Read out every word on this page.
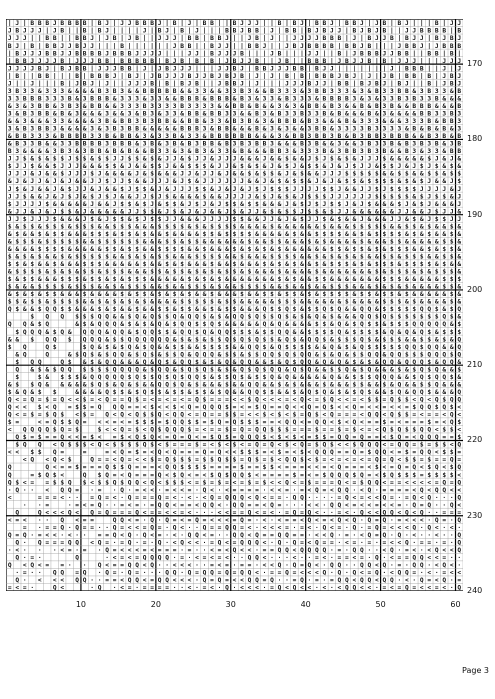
| J | B B B J B B B B | B J | J J B B B J | B | J | B B | | B J J J | | B | B J | B B J | B B J | J B | B J | | | B | J J
J B J J J | J B | | B | B J | | | | J | B J | B | J | | | B B J B B | J | B B | B J B J J | B J B J B | | J J B B B B | B
J J J | | B B | | B B J | J B | J B | | J J J | B B | B B J | | J B | J | | J J J J B B B | J | B J J B | B J J | B J B J
B J | B | B B J J B J J | | | B | | | | | | J B B | | B J J | | B B J | | J B J B B B B | B B J B | | | J B B J | J B B B
| B J J J B B J J B B B B J B B B J J J J | | | J J | B J J J B | | | J B | | | J J | | B | J B B B J J B B | | B B | B |
| B B J J J J B | J J J B B | B B B B B | B J B | B | B | J B J J B | | J B | | B B B | J B J J B | B | J J J | | | J J J
J J J J B J | B J B B | J J J B B | J | J B J J J | | | J J B J | B B J J J B B | B J J | | | | | | | J | B B B | | J | J
| B | | B B | | | B | B B B J | B J | J B J J J B J J B J B J B | J | J | B | B | B B B J B J | J | J B | B B | B | J B J
J | | J | | | B | J B J | J | | J J J B | B | B J B | | J B B J | J | | | J J J B J J | B B | B J B J | B J | | B | J B J
3 B 3 3 & 3 3 3 & & & & B 3 B 3 & & B B B B B & & 3 3 & & 3 3 B 3 & & B 3 3 3 & 3 B B 3 3 3 & 3 & B 3 3 B B & 3 B 3 3 & B
3 3 B B B 3 3 3 B & 3 B B B & 3 3 3 & 3 3 & & B B B & B B B & B 3 & 3 3 & B 3 3 3 & B B B B 3 & 3 & 3 3 B 3 B 3 3 B & & &
& 3 & 3 B B & 3 B 3 & B B & & 3 3 3 B 3 3 3 3 B 3 3 3 3 & & B B & B & & 3 & 3 & B B & B 3 & & B & B 3 B & & B B B & & & B
3 & B 3 B B & B & 3 & & & 3 & & 3 & B 3 & 3 3 & B B & B B 3 3 & & B 3 & B 3 3 B 3 3 B & B & & & B & 3 & & & & B B 3 3 B 3
& & 3 & & & 3 3 & & & & 3 B & B B 3 B 3 B B & & B B & 3 3 & B 3 B & 3 & B B B & B 3 & & & B & 3 3 3 & & & 3 3 3 B & B B 3
3 & B 3 B B 3 & & & & 3 & 3 B 3 B B & & & & & B B B 3 & B B & & & B & 3 & 3 & & 3 B B & 3 3 3 3 B 3 3 3 3 & B & B & B & 3
& B B 3 3 3 & B B B B 3 3 B & B B & 3 & 3 3 B & 3 3 & B B B B B B & & & 3 & B B 3 B B 3 B & B 3 B B 3 B B B & & B 3 B & B
& B 3 3 B & & 3 3 B B B B 3 B B B & 3 B & 3 B & B 3 B B & B 3 B 3 B B 3 & & & B 3 B & & 3 & & 3 B 3 3 B & B 3 B 3 B & 3 B
B 3 & & & & 3 B 3 & 3 B B & B & B & & B 3 3 & 3 & B 3 & 3 3 & B & & & B B 3 & 3 3 3 B & 3 B B 3 B 3 B & & B 3 & 3 3 & B B
J J $ & $ & $ $ J $ $ & $ $ J J $ $ & $ & J J & $ J J & J J J & & & J & & $ & & J $ J $ & $ & J J J $ & & & & & $ J & J &
$ J J $ & & $ J J J & & & $ $ & J & & $ $ J & & $ $ $ & J J & $ & $ & J & $ J & $ $ & J & J $ J J & $ $ J & J $ J $ & $ &
J J J & J & & $ J J J $ J & & & & J & $ & & & J J & J J & J & & $ & $ $ & J & $ & & J J J $ $ $ $ $ & & $ $ & & $ $ & $ $
& J & J J & J & J & & J J $ J J $ & & J J J & J $ & J J J J J J & & J & $ & $ $ & J & J & $ $ & $ $ $ $ & $ & $ J & & J $
J $ & J & & J & $ J J & J & & $ J $ $ & J & J J J $ $ & J & J & J $ J $ $ $ J J J J $ $ J & & J J $ J $ $ $ $ J J J J & J
J J $ & & J & J $ J & $ J $ J & & J J $ J $ & & & & $ & & J J J J & $ J & $ & J $ $ $ J J J J J J $ $ $ $ $ & $ J $ $ & J
$ J J J J $ & & & & & J & & J $ $ & $ J & $ $ & J $ J & J $ $ & $ $ & & & J & $ J $ J $ $ J & J $ & & & $ J & $ J & & & J
& J J & J & J $ $ & J & & & & & J J $ $ & J $ & J & J & & J $ & J J & $ & $ $ J $ $ & $ J J & & & & & & J J & & J $ J J &
J J $ J J J $ & & & J $ & J $ $ & $ J $ $ J J & & & J J J J $ $ & & J J & J & $ J J $ & $ & & J & & & J J & $ & J $ $ J J
$ & $ $ & $ $ $ & $ $ $ & & $ $ $ & & & $ $ $ $ & $ & $ $ $ $ & & & & $ & & & & & & $ & & & $ $ $ $ $ & & $ $ & $ & & $ &
& $ & & $ & $ $ & & & $ $ $ & $ $ & $ & & $ & & & & $ $ & $ $ $ $ & & & & & $ & & $ $ $ $ & & $ & $ $ $ $ & $ & $ & & $ &
& $ $ $ & $ $ $ $ $ & & $ $ $ $ $ $ & & & $ $ & $ $ & & & & & & $ & & $ $ & & & $ & $ & & & & $ & & & $ $ & & & & & $ $ &
& & & & $ $ $ $ & & & & & $ $ & $ $ & & $ $ $ $ & & $ & & & $ & $ & $ & $ & & & & & & $ $ & $ $ & $ & $ $ $ & & $ & $ $ &
$ & $ & $ & & $ & $ $ $ $ $ & & $ & $ & $ $ & & & $ $ $ $ & & $ & & & $ $ $ $ & & $ & $ & $ & $ & & $ $ & $ $ $ & & $ $ &
$ $ & $ & & $ & & & $ $ $ & & & & & $ & & $ & $ & & & $ & & $ & & & $ & $ & $ & & $ & $ $ $ & $ & $ $ $ & $ $ $ $ & $ & &
& $ $ $ $ & $ & $ & $ $ & $ $ $ & & & $ $ & $ $ & $ & $ & $ $ & $ & & & $ & & & & $ & & & & & & & $ & $ $ $ & $ & $ $ $ &
$ & $ $ & & & $ $ $ & $ $ & $ & $ $ $ & & & & & $ & $ & $ & & & & & & & $ & $ & & $ $ & & & & & & & $ $ $ & & & & & $ $ $
$ & & & $ $ $ $ & $ $ $ & & $ & $ $ $ & & $ & & $ $ $ & $ & & $ $ $ $ & & $ & & $ & & $ $ $ & & & $ & $ & $ & & & & $ $ &
& $ & $ & $ $ & & & $ & & & & $ & $ $ & $ & $ & $ & & $ & & & $ & & $ $ & $ $ & $ & $ $ $ $ & $ $ & $ $ & $ & & & & & $ &
$ $ & $ $ & $ $ $ $ & & $ & $ & $ & $ & & & & $ $ $ $ $ & $ $ & & & & & $ $ $ & & & & & & $ & & & & $ $ $ & $ & & & & $ &
Q $ & & $ Q Q $ $ & & & $ & $ & & $ & & $ $ & $ $ & & $ & $ $ & & & Q $ $ Q $ & $ $ Q $ Q & & Q Q & $ $ $ $ $ Q Q $ & $ Q
$ Q Q $ $ $ Q Q & & $ Q & Q $ $ Q & Q Q $ & $ & Q Q $ Q $ $ Q $ & $ & Q & $ & & & Q Q $ Q $ $ $ $ $ $ $ Q $ &
Q Q & $ Q	& $ & Q Q Q & $ & $ & Q & $ Q Q $ $ Q $ & & & & & Q & Q & & & & $ $ & Q & $ Q $ $ & $ $ $ Q Q Q Q Q & $
$ Q Q Q & $ Q & Q Q Q & Q Q & $ Q Q $ $ & Q Q $ Q & Q Q $ $ $ & $ $ Q Q & & $ $ $ $ Q & $ $ $ $ & Q & Q & Q $ & $ $ $
& & $ Q Q $ Q Q Q & $ $ Q Q Q Q Q Q & $ & $ & $ $ Q $ Q $ Q $ $ & Q $ & Q Q $ & $ $ $ Q $ & $ $ $ & & $ $ & $ & Q
$ Q	Q $	$ Q & $ & $ Q & $ Q & & $ $ & & $ $ $ $ & & Q Q $ & Q $ $ $ $ & & Q & $ & Q $ $ $ $ $ Q Q $ Q Q & & Q
& Q	Q	& $ Q $ & $ Q Q & $ Q $ & $ $ Q & Q Q Q & $ $ & $ $ Q Q $ Q $ Q Q & $ & Q & $ $ Q Q & Q Q $ $ $ Q Q Q $ Q
$ Q Q	Q $ & $ & Q Q & & & Q & Q $ & Q Q $ & $ & Q & Q Q & & $ & Q $ Q Q & Q & Q & $ & $ & Q Q & Q Q Q $ & Q Q &
Q & $ & $ Q Q $ $ $ $ Q Q Q Q & $ Q Q & $ Q $ Q $ & $ & Q $ Q $ Q Q & Q $ Q & & $ $ Q & $ Q & & & $ & $ Q $ Q & & $
$	$ & $ $ $ & Q Q Q Q Q $ Q $ $ Q $ Q $ Q Q $ & $ $ Q $ & $ $ Q & Q & & & & & Q & & $ $ $ Q Q Q & & $ Q $ Q Q $ &
& $ $ Q & & & & & $ Q $ & Q & $ & & Q Q $ Q & $ & & & $ & & Q Q & & $ & $ & & & $ & & & $ $ & & $ & Q & & $ $ Q & & &
$ & Q & $ $	& & & & Q $ $ & $ Q $ $ & $ $ & $ $ & $ Q & & Q Q $ $ & & $ & Q $ Q & $ & $ Q $ & & $ Q & Q Q $ & & & Q
Q < = Q = $ = Q < < $ = < Q = = Q $ = < = < = < = Q $ = = = < < $ Q < < < = < Q < = $ Q < < = < $ $ = Q $ $ < Q < Q $ Q Q
Q < < $ < Q = $ $ = Q Q Q = = < $ < < $ < Q = Q Q Q $ = < = $ Q = = Q < < Q = Q $ < < Q = < < = < < = $ Q Q $ Q $ <
Q < = $ = $ Q $ < $ = Q < Q < Q $ $ Q < Q Q < = Q = = $ $ = < < $ < $ < $ = Q $ < Q = = = < Q Q < Q $ $ = < = = < Q <
$ =	< = Q $ $ Q = < < = < = $ $ $ = $ Q Q $ $ = $ Q = Q $ $ $ = = < Q Q < = Q Q < $ < Q < = = $ = < = = = $ = < Q $
< Q Q Q Q $ Q = $	$ < < Q = $ < Q $ Q Q Q $ = < = = $ = Q = Q Q $ $ $ = = = $ = = $ = $ < = < Q $ Q $ $ Q Q < $ $ <
Q $ = $ = = Q < < = $ < = $ < Q $ Q < = Q = Q < = $ Q $ = Q Q Q $ < $ < $ < = $ $ = Q Q = Q = = < $ Q = < Q Q Q = = $
$ Q Q < Q $ $ $ < Q < $ $ $ $ Q $ < $ = = = $ = < $ < $ < = Q = Q < $ < Q = $ Q $ < < $ Q Q Q < = Q Q = $ = $ $ < Q
< < $ $ Q =	=	= < Q = $ = < Q < Q = = = Q = Q < < $ $ $ = < $ = < $ < Q Q Q = = Q = $ Q Q < = $ = Q Q < $ $ =
< Q < Q < $	Q = = < Q = < < $ = Q $ $ $ = $ $ Q $ $ = Q $ = $ < Q Q $ < $ = < = < = < = Q = Q < $ $ = $ = = Q =
Q	Q < = = $ = = = Q $ $ Q = = = < Q Q $ $ $ $ = = = = $ = = $ $ < = = = < < = < Q = = = < $ < = Q = Q < $ Q < $ Q
Q	= $ Q $ <	Q $ Q = < Q = = = Q < $ Q < = < $ Q $ Q Q $ < = = = = $ = < = $ Q Q Q $ Q = < $ Q $ $ $ = $ $ $ $ <
Q $ < = = $ $ Q $ < $ $ Q $ Q Q < Q < $ $ $ < = $ = $ = < = $ = $ < < Q < = $ = = = Q < = $ Q Q < = = < < < < = Q = Q
· Q · · < Q Q = · = · Q · = < < · = < < = · Q < · < = = = = · < < = · = < Q = < Q Q · < Q · = = = = < Q < Q Q < <
<	= = = < · · = Q = < · Q = = = Q = < · < · < Q = Q Q Q < Q < = = · Q Q · · · · = Q < = < < Q = · = Q < Q · · · Q
· · =	· = < = Q · · = < = · = Q Q < = = < Q Q < · Q Q = = < Q = · · · < < · Q Q < = < < = < < = · Q = Q · · Q <
Q	Q < < < Q < Q = Q = = = Q < = = < < = < · · · < < = = Q < = < · = Q = Q < · · = < · Q < < Q Q < Q < Q · · = = =
< = < · · Q < = =	Q Q < = · Q · Q = < = Q = < < < = Q = · < · < = = < Q < = < Q < Q · Q = Q · = < < < · Q = · Q
= · = = Q · Q = = · · Q = < < = Q = · Q < · · Q = = Q Q = < · < < < = · = < · Q < = · Q · = Q = < < < Q · Q < · < ·
Q = Q · = < < · < · · = = Q < Q · Q < = · < · Q Q < = · · Q Q < Q = = Q Q = = · < < Q · = · < Q = Q · Q · < · · < · · Q
Q · Q = = = Q Q < Q = · = Q · = · Q · < Q < < · = Q < = Q Q Q < · Q · Q = < Q = = · < = · = · = < < Q · = = · = · Q
· < · · · < = · = · Q = < < < = < = = = · = · · < = < Q < < · = = Q Q < Q Q Q Q · = · Q Q · · < Q · = < · < Q < < Q
Q · = ·	Q	· < = < = Q Q Q Q · = · < = < = < · · Q Q < · · · < · · = < · = = < = · Q · < = = Q Q < < = · ·
Q < Q < = = · · Q < = = Q Q < Q · · < < < · · = < = · = = · < < Q · Q = Q < · Q Q · · Q Q < Q · = · Q Q · < Q < ·
· = · · Q Q = Q · Q = · Q = · · · Q Q · Q = Q Q = Q = Q Q < · = = Q = < < < Q · Q · Q < = Q · < Q Q = · < · = < <
Q · < < < Q Q · · = = < Q Q < = Q Q < < < · Q = Q = < < Q Q = Q · · = Q · = · = Q Q < Q Q < Q Q · < · Q = < Q · =
= < = ·	Q <	· Q · < = · = = = = · · < · = < · Q · < < < · = Q < Q < < · < · < Q Q < < · = < = Q = < < = < · Q
170
180
190
200
210
220
230
240
10	20	30	40	50	60
Page 3
